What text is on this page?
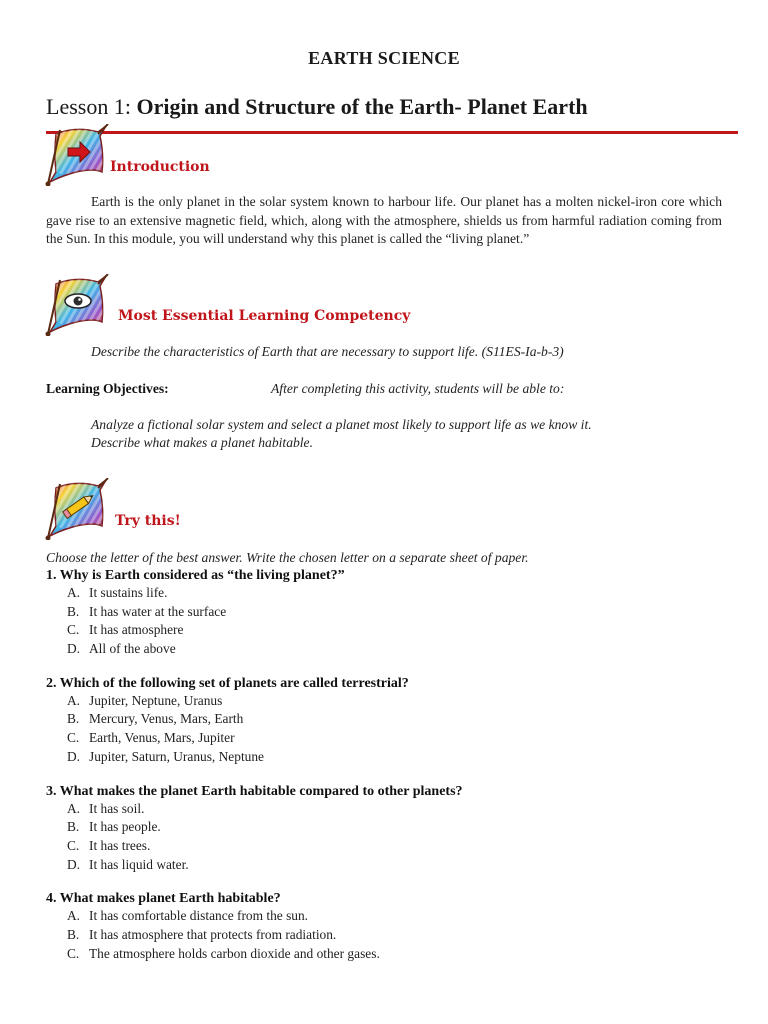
EARTH SCIENCE
Lesson 1: Origin and Structure of the Earth- Planet Earth
Introduction
Earth is the only planet in the solar system known to harbour life. Our planet has a molten nickel-iron core which gave rise to an extensive magnetic field, which, along with the atmosphere, shields us from harmful radiation coming from the Sun. In this module, you will understand why this planet is called the “living planet.”
Most Essential Learning Competency
Describe the characteristics of Earth that are necessary to support life. (S11ES-Ia-b-3)
Learning Objectives:	After completing this activity, students will be able to:
Analyze a fictional solar system and select a planet most likely to support life as we know it.
Describe what makes a planet habitable.
Try this!
Choose the letter of the best answer. Write the chosen letter on a separate sheet of paper.
1. Why is Earth considered as “the living planet?”
A. It sustains life.
B. It has water at the surface
C. It has atmosphere
D. All of the above
2. Which of the following set of planets are called terrestrial?
A. Jupiter, Neptune, Uranus
B. Mercury, Venus, Mars, Earth
C. Earth, Venus, Mars, Jupiter
D. Jupiter, Saturn, Uranus, Neptune
3. What makes the planet Earth habitable compared to other planets?
A. It has soil.
B. It has people.
C. It has trees.
D. It has liquid water.
4. What makes planet Earth habitable?
A. It has comfortable distance from the sun.
B. It has atmosphere that protects from radiation.
C. The atmosphere holds carbon dioxide and other gases.
